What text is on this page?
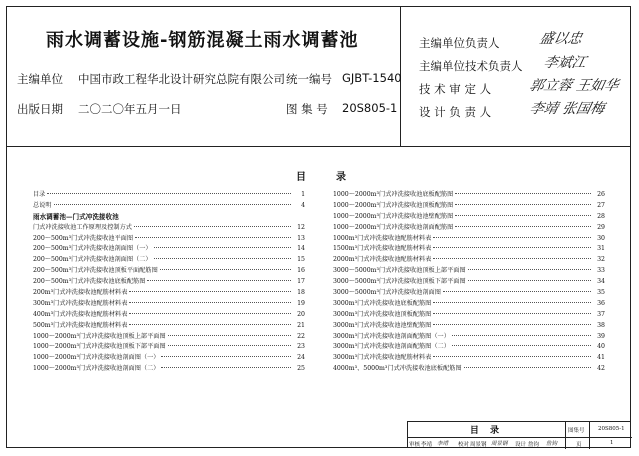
雨水调蓄设施-钢筋混凝土雨水调蓄池
主编单位 中国市政工程华北设计研究总院有限公司 统一编号 GJBT-1540
出版日期 二〇二〇年五月一日	图 集 号 20S805-1
主编单位负责人	盛以忠
主编单位技术负责人 李斌江
技 术 审 定 人	郭立蓉 王如华
设 计 负 责 人	李靖 张国梅
目	录
目录	1
总说明	4
雨水调蓄池—门式冲洗接收池
门式冲洗接收池工作原理及控制方式	12
200～500m³门式冲洗接收池平面图	13
200～500m³门式冲洗接收池剖面图（一）	14
200～500m³门式冲洗接收池剖面图（二）	15
200～500m³门式冲洗接收池顶板平面配筋图	16
200～500m³门式冲洗接收池底板配筋图	17
200m³门式冲洗接收池配筋材料表	18
300m³门式冲洗接收池配筋材料表	19
400m³门式冲洗接收池配筋材料表	20
500m³门式冲洗接收池配筋材料表	21
1000～2000m³门式冲洗接收池顶板上部平面图	22
1000～2000m³门式冲洗接收池顶板下部平面图	23
1000～2000m³门式冲洗接收池剖面图（一）	24
1000～2000m³门式冲洗接收池剖面图（二）	25
1000～2000m³门式冲洗接收池底板配筋图	26
1000～2000m³门式冲洗接收池顶板配筋图	27
1000～2000m³门式冲洗接收池池壁配筋图	28
1000～2000m³门式冲洗接收池剖面配筋图	29
1000m³门式冲洗接收池配筋材料表	30
1500m³门式冲洗接收池配筋材料表	31
2000m³门式冲洗接收池配筋材料表	32
3000～5000m³门式冲洗接收池顶板上部平面图	33
3000～5000m³门式冲洗接收池顶板下部平面图	34
3000～5000m³门式冲洗接收池剖面图	35
3000m³门式冲洗接收池底板配筋图	36
3000m³门式冲洗接收池顶板配筋图	37
3000m³门式冲洗接收池池壁配筋图	38
3000m³门式冲洗接收池剖面配筋图（一）	39
3000m³门式冲洗接收池剖面配筋图（二）	40
3000m³门式冲洗接收池配筋材料表	41
4000m³、5000m³门式冲洗接收池底板配筋图	42
目 录	图集号 20S805-1
审核 李靖 李靖 校对 周景钢 周景钢 设计 詹钧 詹钧	页	1
